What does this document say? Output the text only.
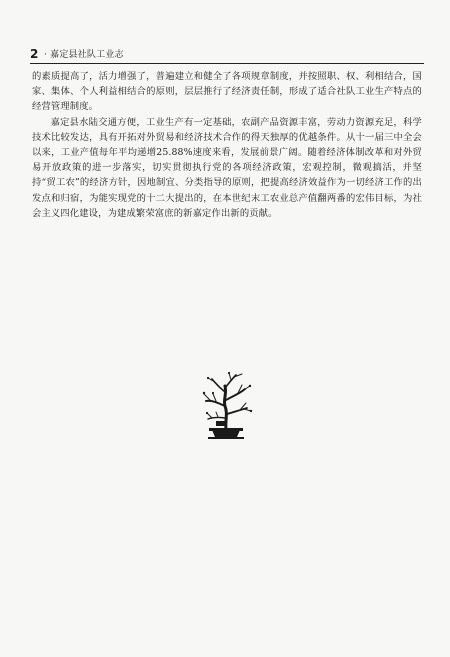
2 · 嘉定县社队工业志

的素质提高了，活力增强了，普遍建立和健全了各项规章制度，并按照职、权、利相结合，国家、集体、个人利益相结合的原则，层层推行了经济责任制，形成了适合社队工业生产特点的经营管理制度。

嘉定县水陆交通方便，工业生产有一定基础，农副产品资源丰富，劳动力资源充足，科学技术比较发达，具有开拓对外贸易和经济技术合作的得天独厚的优越条件。从十一届三中全会以来，工业产值每年平均递增25.88%速度来看，发展前景广阔。随着经济体制改革和对外贸易开放政策的进一步落实，切实贯彻执行党的各项经济政策，宏观控制，微观搞活，并坚持“贸工农”的经济方针，因地制宜、分类指导的原则，把提高经济效益作为一切经济工作的出发点和归宿，为能实现党的十二大提出的，在本世纪末工农业总产值翻两番的宏伟目标，为社会主义四化建设，为建成繁荣富庶的新嘉定作出新的贡献。
